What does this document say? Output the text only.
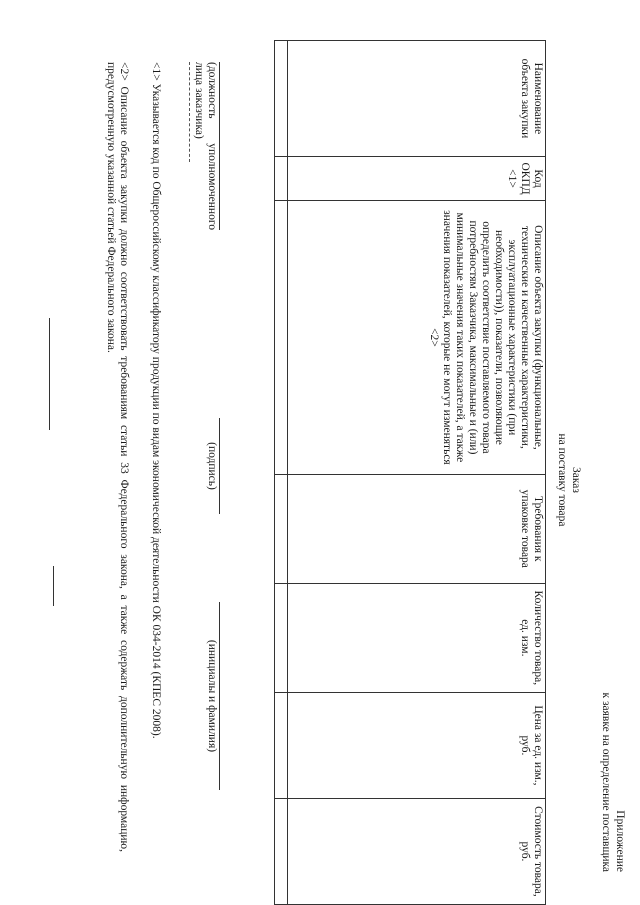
Приложение
к заявке на определение поставщика
Заказ
на поставку товара
Наименование объекта закупки	Код ОКПД <1>	Описание объекта закупки (функциональные, технические и качественные характеристики, эксплуатационные характеристики (при необходимости)), показатели, позволяющие определить соответствие поставляемого товара потребностям Заказчика, максимальные и (или) минимальные значения таких показателей, а также значения показателей, которые не могут изменяться <2>	Требования к упаковке товара	Количество товара, ед. изм.	Цена за ед. изм., руб.	Стоимость товара, руб.

(должность уполномоченного лица заказчика)
(подпись)
(инициалы и фамилия)
<1> Указывается код по Общероссийскому классификатору продукции по видам экономической деятельности ОК 034-2014 (КПЕС 2008).
<2> Описание объекта закупки должно соответствовать требованиям статьи 33 Федерального закона, а также содержать дополнительную информацию, предусмотренную указанной статьей Федерального закона.
